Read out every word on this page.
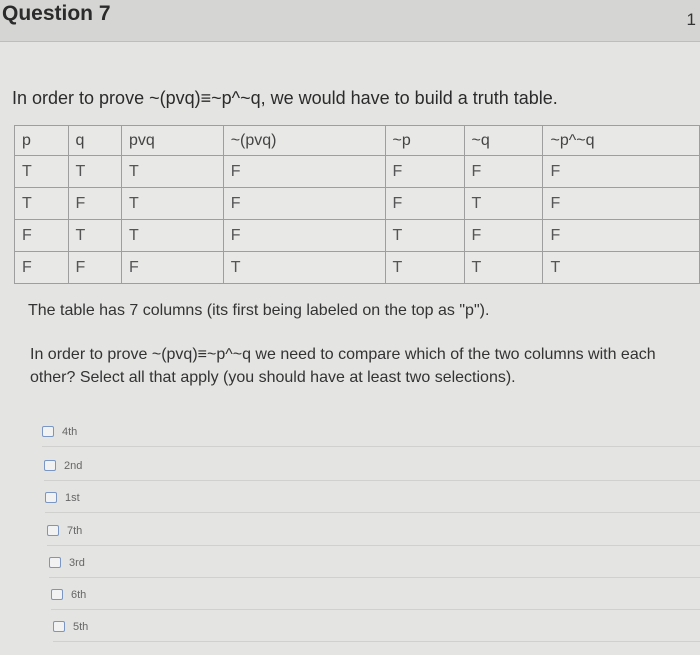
Question 7	1
In order to prove ~(pvq)≡~p^~q, we would have to build a truth table.
p	q	pvq	~(pvq)	~p	~q	~p^~q
T	T	T	F	F	F	F
T	F	T	F	F	T	F
F	T	T	F	T	F	F
F	F	F	T	T	T	T
The table has 7 columns (its first being labeled on the top as "p").
In order to prove ~(pvq)≡~p^~q we need to compare which of the two columns with each other? Select all that apply (you should have at least two selections).
4th
2nd
1st
7th
3rd
6th
5th
